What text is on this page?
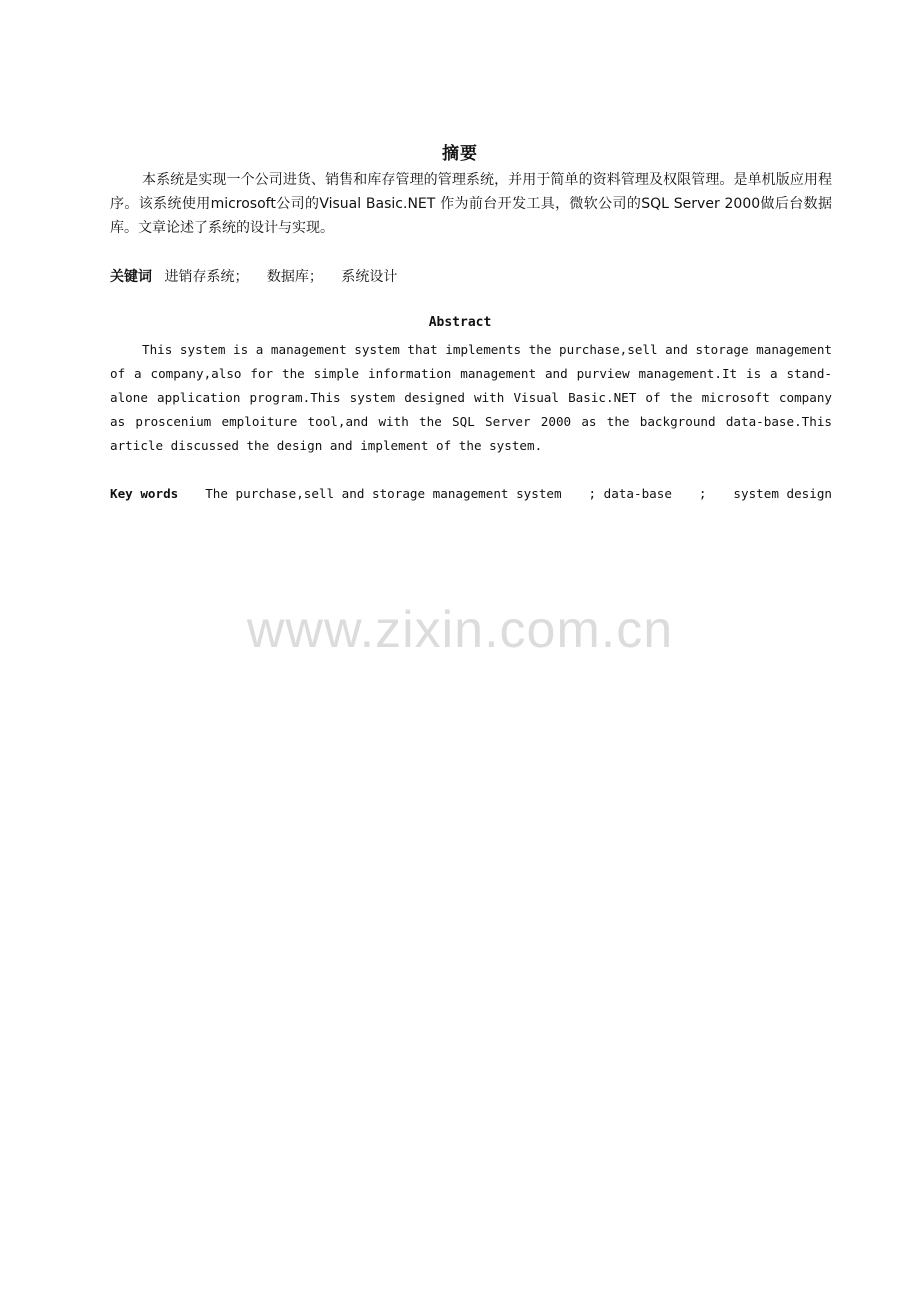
摘要

本系统是实现一个公司进货、销售和库存管理的管理系统，并用于简单的资料管理及权限管理。是单机版应用程序。该系统使用microsoft公司的Visual Basic.NET 作为前台开发工具，微软公司的SQL Server 2000做后台数据库。文章论述了系统的设计与实现。

关键词 进销存系统； 数据库； 系统设计
Abstract

This system is a management system that implements the purchase,sell and storage management of a company,also for the simple information management and purview management.It is a stand-alone application program.This system designed with Visual Basic.NET of the microsoft company as proscenium emploiture tool,and with the SQL Server 2000 as the background data-base.This article discussed the design and implement of the system.

Key words The purchase,sell and storage management system ; data-base ; system design
www.zixin.com.cn
